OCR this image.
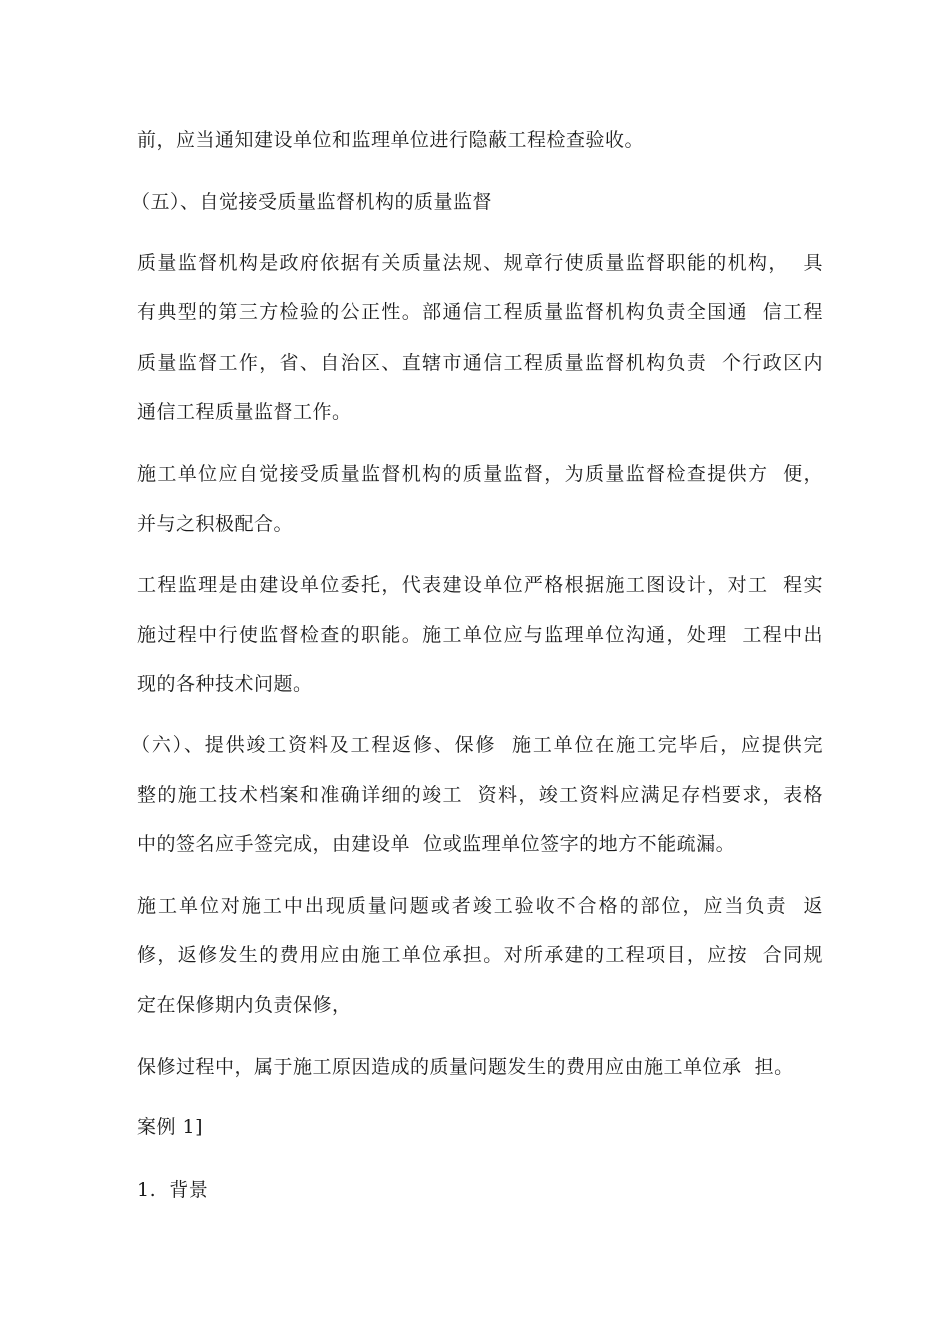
前，应当通知建设单位和监理单位进行隐蔽工程检查验收。
（五）、自觉接受质量监督机构的质量监督
质量监督机构是政府依据有关质量法规、规章行使质量监督职能的机构，  具
有典型的第三方检验的公正性。部通信工程质量监督机构负责全国通  信工程
质量监督工作，省、自治区、直辖市通信工程质量监督机构负责  个行政区内
通信工程质量监督工作。
施工单位应自觉接受质量监督机构的质量监督，为质量监督检查提供方  便，
并与之积极配合。
工程监理是由建设单位委托，代表建设单位严格根据施工图设计，对工  程实
施过程中行使监督检查的职能。施工单位应与监理单位沟通，处理  工程中出
现的各种技术问题。
（六）、提供竣工资料及工程返修、保修  施工单位在施工完毕后，应提供完
整的施工技术档案和准确详细的竣工  资料，竣工资料应满足存档要求，表格
中的签名应手签完成，由建设单  位或监理单位签字的地方不能疏漏。
施工单位对施工中出现质量问题或者竣工验收不合格的部位，应当负责  返
修，返修发生的费用应由施工单位承担。对所承建的工程项目，应按  合同规
定在保修期内负责保修，
保修过程中，属于施工原因造成的质量问题发生的费用应由施工单位承  担。
案例 1]
1.  背景
